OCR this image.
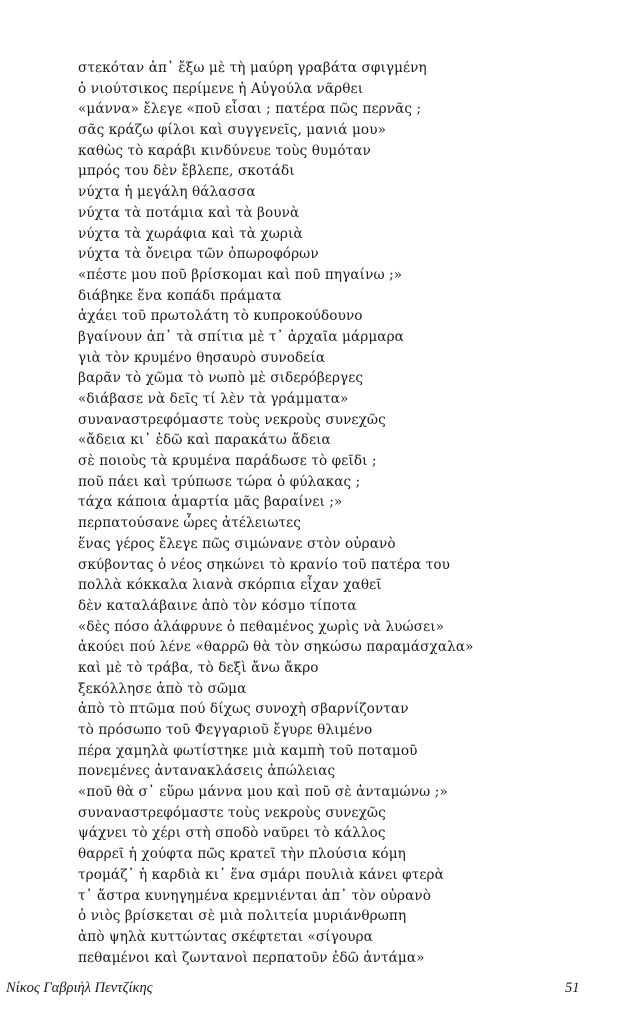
στεκόταν ἀπ᾿ ἔξω μὲ τὴ μαύρη γραβάτα σφιγμένη
ὁ νιούτσικος περίμενε ἡ Αὐγούλα νᾶρθει
«μάννα» ἔλεγε «ποῦ εἶσαι ; πατέρα πῶς περνᾶς ;
σᾶς κράζω φίλοι καὶ συγγενεῖς, μανιά μου»
καθὼς τὸ καράβι κινδύνευε τοὺς θυμόταν
μπρός του δὲν ἔβλεπε, σκοτάδι
νύχτα ἡ μεγάλη θάλασσα
νύχτα τὰ ποτάμια καὶ τὰ βουνὰ
νύχτα τὰ χωράφια καὶ τὰ χωριὰ
νύχτα τὰ ὄνειρα τῶν ὀπωροφόρων
«πέστε μου ποῦ βρίσκομαι καὶ ποῦ πηγαίνω ;»
διάβηκε ἕνα κοπάδι πράματα
ἀχάει τοῦ πρωτολάτη τὸ κυπροκούδουνο
βγαίνουν ἀπ᾿ τὰ σπίτια μὲ τ᾿ ἀρχαῖα μάρμαρα
γιὰ τὸν κρυμένο θησαυρὸ συνοδεία
βαρᾶν τὸ χῶμα τὸ νωπὸ μὲ σιδερόβεργες
«διάβασε νὰ δεῖς τί λὲν τὰ γράμματα»
συναναστρεφόμαστε τοὺς νεκροὺς συνεχῶς
«ἄδεια κι᾿ ἐδῶ καὶ παρακάτω ἄδεια
σὲ ποιοὺς τὰ κρυμένα παράδωσε τὸ φεῖδι ;
ποῦ πάει καὶ τρύπωσε τώρα ὁ φύλακας ;
τάχα κάποια ἁμαρτία μᾶς βαραίνει ;»
περπατούσανε ὧρες ἀτέλειωτες
ἕνας γέρος ἔλεγε πῶς σιμώνανε στὸν οὐρανὸ
σκύβοντας ὁ νέος σηκώνει τὸ κρανίο τοῦ πατέρα του
πολλὰ κόκκαλα λιανὰ σκόρπια εἶχαν χαθεῖ
δὲν καταλάβαινε ἀπὸ τὸν κόσμο τίποτα
«δὲς πόσο ἀλάφρυνε ὁ πεθαμένος χωρὶς νὰ λυώσει»
ἀκούει πού λένε «θαρρῶ θὰ τὸν σηκώσω παραμάσχαλα»
καὶ μὲ τὸ τράβα, τὸ δεξὶ ἄνω ἄκρο
ξεκόλλησε ἀπὸ τὸ σῶμα
ἀπὸ τὸ πτῶμα πού δίχως συνοχὴ σβαρνίζονταν
τὸ πρόσωπο τοῦ Φεγγαριοῦ ἔγυρε θλιμένο
πέρα χαμηλὰ φωτίστηκε μιὰ καμπὴ τοῦ ποταμοῦ
πονεμένες ἀντανακλάσεις ἀπώλειας
«ποῦ θὰ σ᾿ εὕρω μάννα μου καὶ ποῦ σὲ ἀνταμώνω ;»
συναναστρεφόμαστε τοὺς νεκροὺς συνεχῶς
ψάχνει τὸ χέρι στὴ σποδὸ ναῦρει τὸ κάλλος
θαρρεῖ ἡ χούφτα πῶς κρατεῖ τὴν πλούσια κόμη
τρομάζ᾿ ἡ καρδιὰ κι᾿ ἕνα σμάρι πουλιὰ κάνει φτερὰ
τ᾿ ἄστρα κυνηγημένα κρεμνιένται ἀπ᾿ τὸν οὐρανὸ
ὁ νιὸς βρίσκεται σὲ μιὰ πολιτεία μυριάνθρωπη
ἀπὸ ψηλὰ κυττώντας σκέφτεται «σίγουρα
πεθαμένοι καὶ ζωντανοὶ περπατοῦν ἐδῶ ἀντάμα»
Νίκος Γαβριὴλ Πεντζίκης	51
